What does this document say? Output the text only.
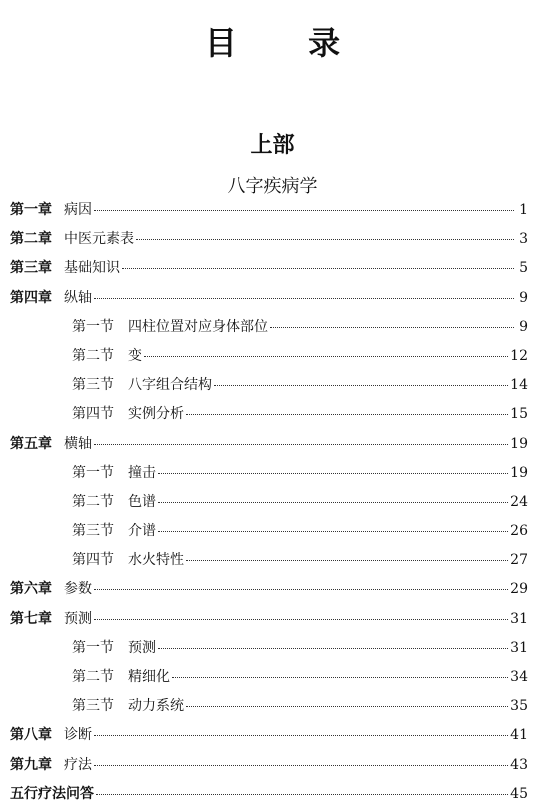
目 录
上部
八字疾病学
第一章 病因	1
第二章 中医元素表	3
第三章 基础知识	5
第四章 纵轴	9
第一节 四柱位置对应身体部位	9
第二节 变	12
第三节 八字组合结构	14
第四节 实例分析	15
第五章 横轴	19
第一节 撞击	19
第二节 色谱	24
第三节 介谱	26
第四节 水火特性	27
第六章 参数	29
第七章 预测	31
第一节 预测	31
第二节 精细化	34
第三节 动力系统	35
第八章 诊断	41
第九章 疗法	43
五行疗法问答	45
